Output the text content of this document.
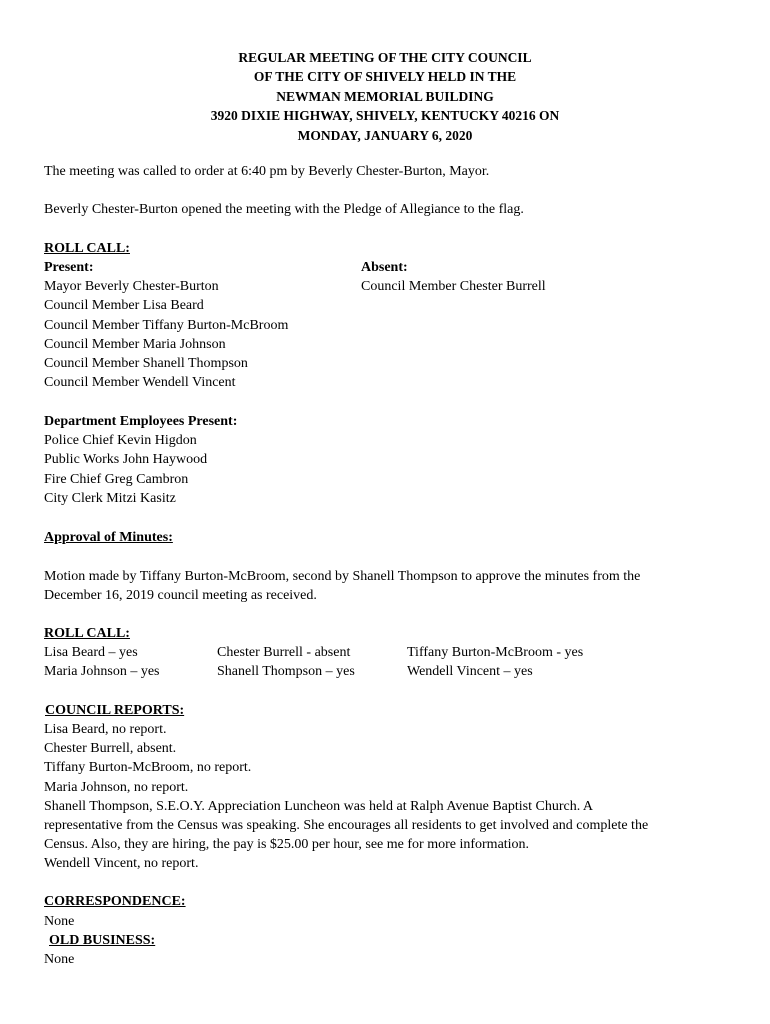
REGULAR MEETING OF THE CITY COUNCIL
OF THE CITY OF SHIVELY HELD IN THE
NEWMAN MEMORIAL BUILDING
3920 DIXIE HIGHWAY, SHIVELY, KENTUCKY 40216 ON
MONDAY, JANUARY 6, 2020
The meeting was called to order at 6:40 pm by Beverly Chester-Burton, Mayor.
Beverly Chester-Burton opened the meeting with the Pledge of Allegiance to the flag.
ROLL CALL:
Present:
Mayor Beverly Chester-Burton
Council Member Lisa Beard
Council Member Tiffany Burton-McBroom
Council Member Maria Johnson
Council Member Shanell Thompson
Council Member Wendell Vincent
Absent:
Council Member Chester Burrell
Department Employees Present:
Police Chief Kevin Higdon
Public Works John Haywood
Fire Chief Greg Cambron
City Clerk Mitzi Kasitz
Approval of Minutes:
Motion made by Tiffany Burton-McBroom, second by Shanell Thompson to approve the minutes from the
December 16, 2019 council meeting as received.
ROLL CALL:
Lisa Beard – yes
Maria Johnson – yes
Chester Burrell - absent
Shanell Thompson – yes
Tiffany Burton-McBroom - yes
Wendell Vincent – yes
COUNCIL REPORTS:
Lisa Beard, no report.
Chester Burrell, absent.
Tiffany Burton-McBroom, no report.
Maria Johnson, no report.
Shanell Thompson, S.E.O.Y. Appreciation Luncheon was held at Ralph Avenue Baptist Church. A
representative from the Census was speaking. She encourages all residents to get involved and complete the
Census. Also, they are hiring, the pay is $25.00 per hour, see me for more information.
Wendell Vincent, no report.
CORRESPONDENCE:
None
OLD BUSINESS:
None
